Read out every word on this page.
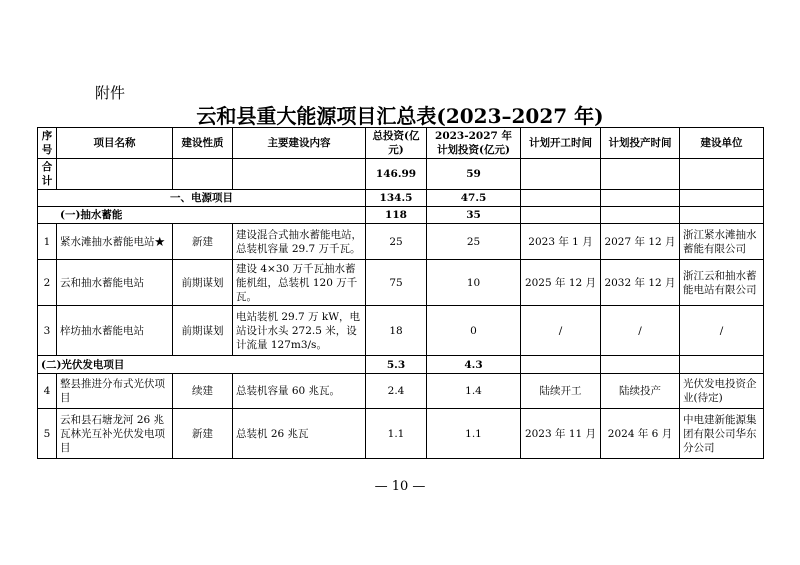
附件
云和县重大能源项目汇总表(2023–2027 年)
序号	项目名称	建设性质	主要建设内容	总投资(亿元)	2023-2027 年计划投资(亿元)	计划开工时间	计划投产时间	建设单位
合计				146.99	59			
一、电源项目				134.5	47.5			
(一)抽水蓄能				118	35			
1	紧水滩抽水蓄能电站★	新建	建设混合式抽水蓄能电站，总装机容量 29.7 万千瓦。	25	25	2023 年 1 月	2027 年 12 月	浙江紧水滩抽水蓄能有限公司
2	云和抽水蓄能电站	前期谋划	建设 4×30 万千瓦抽水蓄能机组，总装机 120 万千瓦。	75	10	2025 年 12 月	2032 年 12 月	浙江云和抽水蓄能电站有限公司
3	梓坊抽水蓄能电站	前期谋划	电站装机 29.7 万 kW，电站设计水头 272.5 米，设计流量 127m3/s。	18	0	/	/	/
(二)光伏发电项目				5.3	4.3			
4	整县推进分布式光伏项目	续建	总装机容量 60 兆瓦。	2.4	1.4	陆续开工	陆续投产	光伏发电投资企业(待定)
5	云和县石塘龙河 26 兆瓦林光互补光伏发电项目	新建	总装机 26 兆瓦	1.1	1.1	2023 年 11 月	2024 年 6 月	中电建新能源集团有限公司华东分公司
— 10 —
